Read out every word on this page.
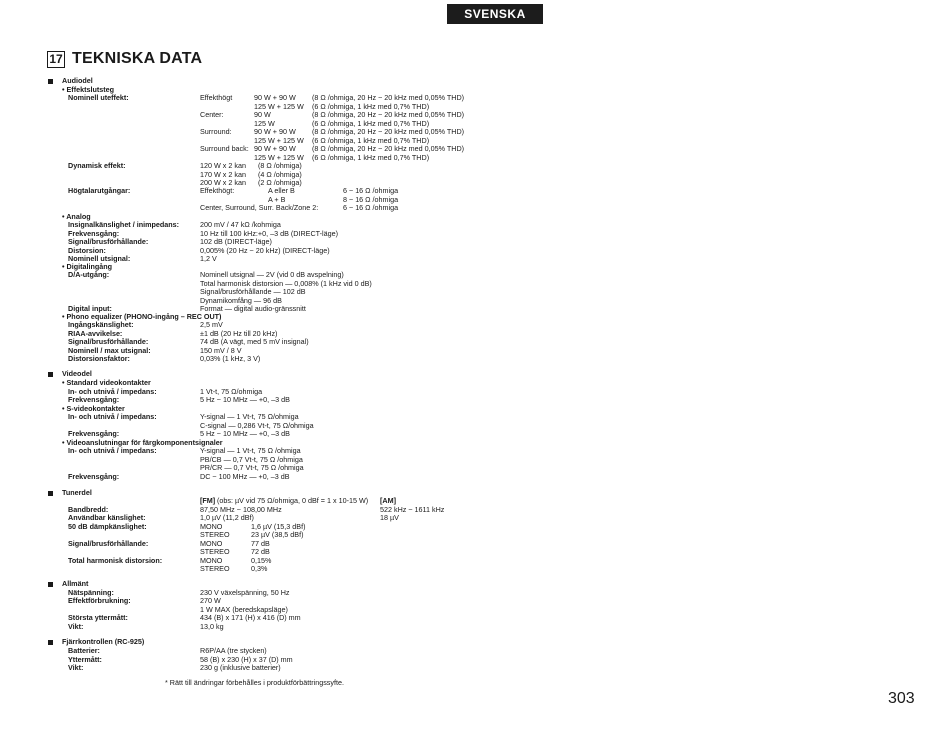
SVENSKA
17 TEKNISKA DATA
Audiodel
• Effektslutsteg
Nominell uteffekt:	Effekthögt	90 W + 90 W (8 Ω /ohmiga, 20 Hz ~ 20 kHz med 0,05% THD)
125 W + 125 W (6 Ω /ohmiga, 1 kHz med 0,7% THD)
Center:	90 W	(8 Ω /ohmiga, 20 Hz ~ 20 kHz med 0,05% THD)
125 W	(6 Ω /ohmiga, 1 kHz med 0,7% THD)
Surround:	90 W + 90 W (8 Ω /ohmiga, 20 Hz ~ 20 kHz med 0,05% THD)
125 W + 125 W (6 Ω /ohmiga, 1 kHz med 0,7% THD)
Surround back: 90 W + 90 W (8 Ω /ohmiga, 20 Hz ~ 20 kHz med 0,05% THD)
125 W + 125 W (6 Ω /ohmiga, 1 kHz med 0,7% THD)
Dynamisk effekt:	120 W x 2 kan (8 Ω /ohmiga)
170 W x 2 kan (4 Ω /ohmiga)
200 W x 2 kan (2 Ω /ohmiga)
Högtalarutgångar:	Effekthögt:	A eller B	6 ~ 16 Ω /ohmiga
A + B	8 ~ 16 Ω /ohmiga
Center, Surround, Surr. Back/Zone 2:	6 ~ 16 Ω /ohmiga
• Analog
Insignalkänslighet / inimpedans:	200 mV / 47 kΩ /kohmiga
Frekvensgång:	10 Hz till 100 kHz:+0, –3 dB (DIRECT-läge)
Signal/brusförhållande:	102 dB (DIRECT-läge)
Distorsion:	0,005% (20 Hz ~ 20 kHz) (DIRECT-läge)
Nominell utsignal:	1,2 V
• Digitalingång
D/A-utgång:	Nominell utsignal — 2V (vid 0 dB avspelning)
Total harmonisk distorsion — 0,008% (1 kHz vid 0 dB)
Signal/brusförhållande — 102 dB
Dynamikomfång — 96 dB
Digital input:	Format — digital audio-gränssnitt
• Phono equalizer (PHONO-ingång – REC OUT)
Ingångskänslighet:	2,5 mV
RIAA-avvikelse:	±1 dB (20 Hz till 20 kHz)
Signal/brusförhållande:	74 dB (A vägt, med 5 mV insignal)
Nominell / max utsignal:	150 mV / 8 V
Distorsionsfaktor:	0,03% (1 kHz, 3 V)
Videodel
• Standard videokontakter
In- och utnivå / impedans:	1 Vt-t, 75 Ω/ohmiga
Frekvensgång:	5 Hz ~ 10 MHz — +0, –3 dB
• S-videokontakter
In- och utnivå / impedans:	Y-signal — 1 Vt-t, 75 Ω/ohmiga
C-signal — 0,286 Vt-t, 75 Ω/ohmiga
Frekvensgång:	5 Hz ~ 10 MHz — +0, –3 dB
• Videoanslutningar för färgkomponentsignaler
In- och utnivå / impedans:	Y-signal — 1 Vt-t, 75 Ω /ohmiga
PB/CB — 0,7 Vt-t, 75 Ω /ohmiga
PR/CR — 0,7 Vt-t, 75 Ω /ohmiga
Frekvensgång:	DC ~ 100 MHz — +0, –3 dB
Tunerdel
[FM] (obs: µV vid 75 Ω/ohmiga, 0 dBf = 1 x 10-15 W) [AM]
Bandbredd:	87,50 MHz ~ 108,00 MHz	522 kHz ~ 1611 kHz
Användbar känslighet:	1,0 µV (11,2 dBf)	18 µV
50 dB dämpkänslighet:	MONO	1,6 µV (15,3 dBf)
STEREO	23 µV (38,5 dBf)
Signal/brusförhållande:	MONO	77 dB
STEREO	72 dB
Total harmonisk distorsion:	MONO	0,15%
STEREO	0,3%
Allmänt
Nätspänning:	230 V växelspänning, 50 Hz
Effektförbrukning:	270 W
1 W MAX (beredskapsläge)
Största yttermått:	434 (B) x 171 (H) x 416 (D) mm
Vikt:	13,0 kg
Fjärrkontrollen (RC-925)
Batterier:	R6P/AA (tre stycken)
Yttermått:	58 (B) x 230 (H) x 37 (D) mm
Vikt:	230 g (inklusive batterier)
* Rätt till ändringar förbehålles i produktförbättringssyfte.
303
